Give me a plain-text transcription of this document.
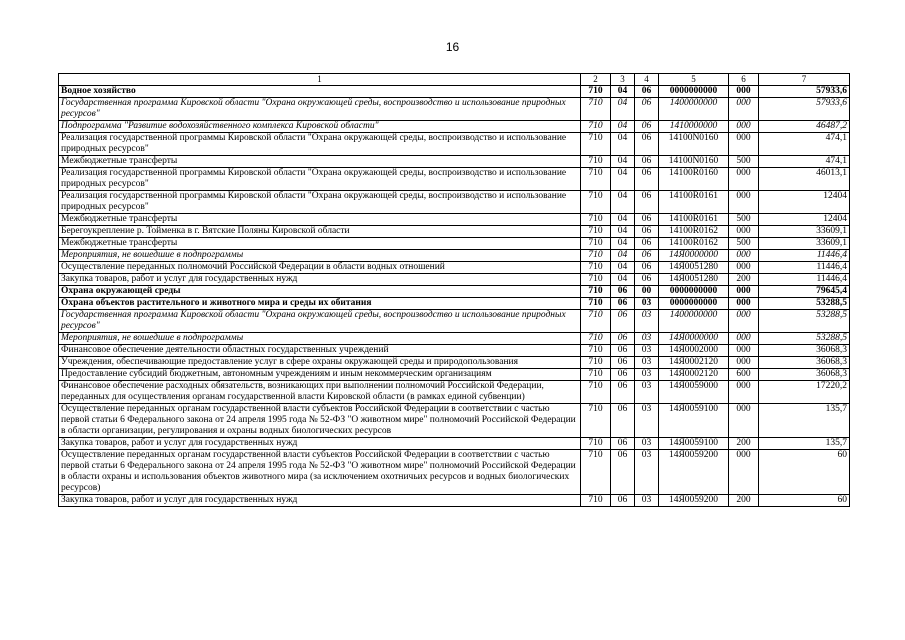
16
1	2	3	4	5	6	7
Водное хозяйство	710	04	06	0000000000	000	57933,6
Государственная программа Кировской области "Охрана окружающей среды, воспроизводство и использование природных ресурсов"	710	04	06	1400000000	000	57933,6
Подпрограмма "Развитие водохозяйственного комплекса Кировской области"	710	04	06	1410000000	000	46487,2
Реализация государственной программы Кировской области "Охрана окружающей среды, воспроизводство и использование природных ресурсов"	710	04	06	14100N0160	000	474,1
Межбюджетные трансферты	710	04	06	14100N0160	500	474,1
Реализация государственной программы Кировской области "Охрана окружающей среды, воспроизводство и использование природных ресурсов"	710	04	06	14100R0160	000	46013,1
Реализация государственной программы Кировской области "Охрана окружающей среды, воспроизводство и использование природных ресурсов"	710	04	06	14100R0161	000	12404
Межбюджетные трансферты	710	04	06	14100R0161	500	12404
Берегоукрепление р. Тойменка в г. Вятские Поляны Кировской области	710	04	06	14100R0162	000	33609,1
Межбюджетные трансферты	710	04	06	14100R0162	500	33609,1
Мероприятия, не вошедшие в подпрограммы	710	04	06	14Я0000000	000	11446,4
Осуществление переданных полномочий Российской Федерации в области водных отношений	710	04	06	14Я0051280	000	11446,4
Закупка товаров, работ и услуг для государственных нужд	710	04	06	14Я0051280	200	11446,4
Охрана окружающей среды	710	06	00	0000000000	000	79645,4
Охрана объектов растительного и животного мира и среды их обитания	710	06	03	0000000000	000	53288,5
Государственная программа Кировской области "Охрана окружающей среды, воспроизводство и использование природных ресурсов"	710	06	03	1400000000	000	53288,5
Мероприятия, не вошедшие в подпрограммы	710	06	03	14Я0000000	000	53288,5
Финансовое обеспечение деятельности областных государственных учреждений	710	06	03	14Я0002000	000	36068,3
Учреждения, обеспечивающие предоставление услуг в сфере охраны окружающей среды и природопользования	710	06	03	14Я0002120	000	36068,3
Предоставление субсидий бюджетным, автономным учреждениям и иным некоммерческим организациям	710	06	03	14Я0002120	600	36068,3
Финансовое обеспечение расходных обязательств, возникающих при выполнении полномочий Российской Федерации, переданных для осуществления органам государственной власти Кировской области (в рамках единой субвенции)	710	06	03	14Я0059000	000	17220,2
Осуществление переданных органам государственной власти субъектов Российской Федерации в соответствии с частью первой статьи 6 Федерального закона от 24 апреля 1995 года № 52-ФЗ "О животном мире" полномочий Российской Федерации в области организации, регулирования и охраны водных биологических ресурсов	710	06	03	14Я0059100	000	135,7
Закупка товаров, работ и услуг для государственных нужд	710	06	03	14Я0059100	200	135,7
Осуществление переданных органам государственной власти субъектов Российской Федерации в соответствии с частью первой статьи 6 Федерального закона от 24 апреля 1995 года № 52-ФЗ "О животном мире" полномочий Российской Федерации в области охраны и использования объектов животного мира (за исключением охотничьих ресурсов и водных биологических ресурсов)	710	06	03	14Я0059200	000	60
Закупка товаров, работ и услуг для государственных нужд	710	06	03	14Я0059200	200	60
